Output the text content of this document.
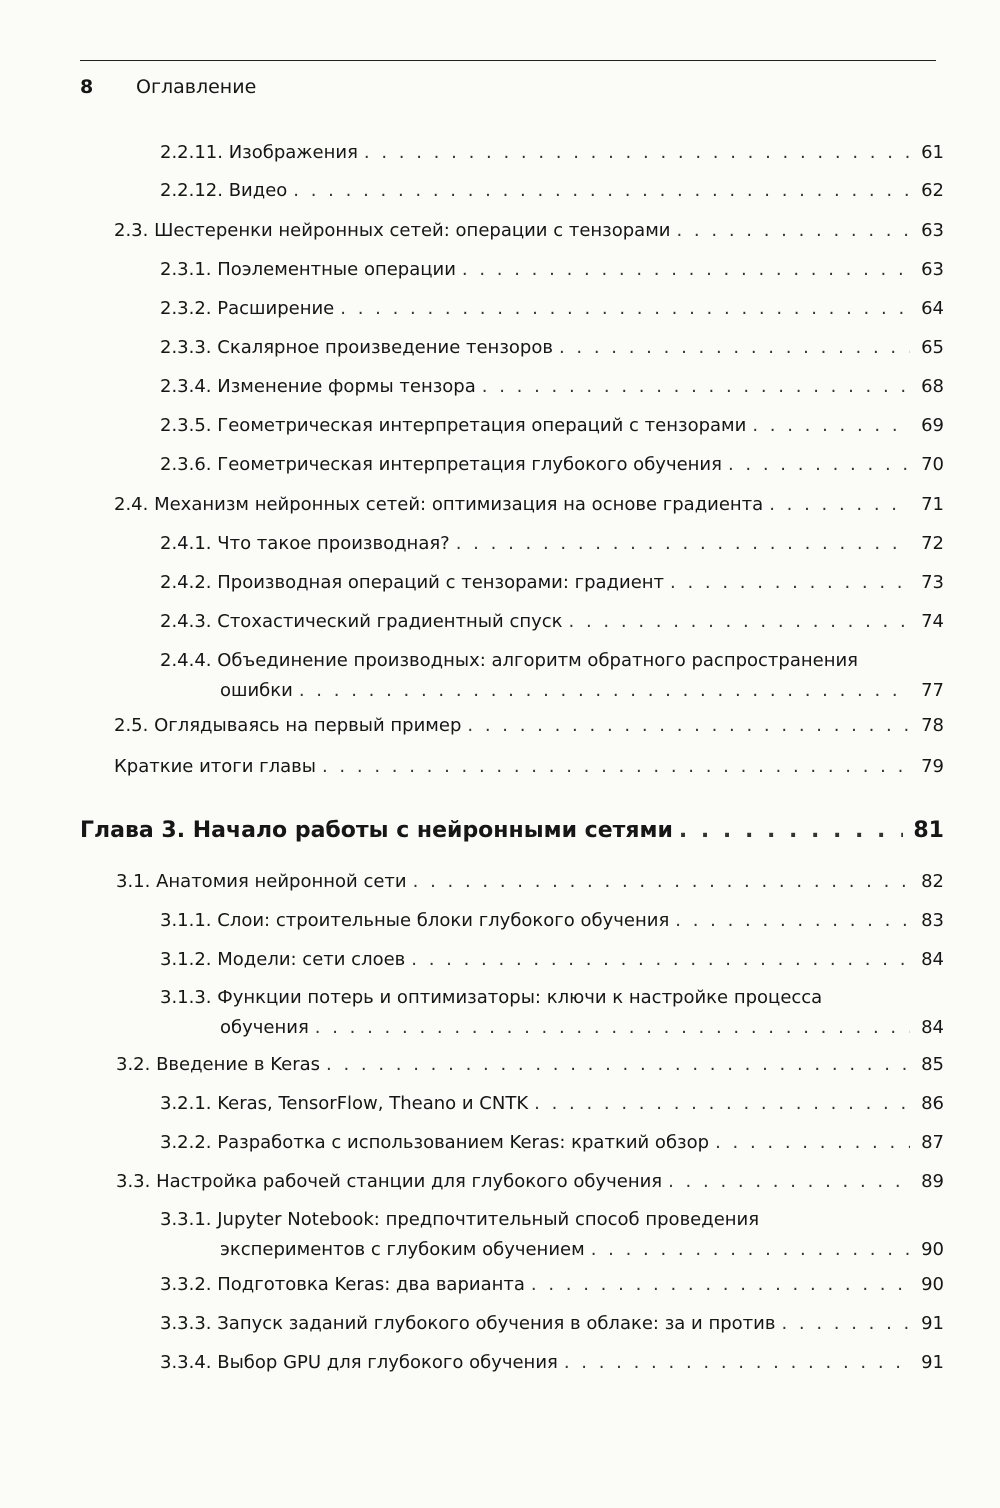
8 Оглавление
2.2.11. Изображения . . .	61
2.2.12. Видео . . .	62
2.3. Шестеренки нейронных сетей: операции с тензорами . . .	63
2.3.1. Поэлементные операции . . .	63
2.3.2. Расширение . . .	64
2.3.3. Скалярное произведение тензоров . . .	65
2.3.4. Изменение формы тензора . . .	68
2.3.5. Геометрическая интерпретация операций с тензорами . . .	69
2.3.6. Геометрическая интерпретация глубокого обучения . . .	70
2.4. Механизм нейронных сетей: оптимизация на основе градиента . . .	71
2.4.1. Что такое производная? . . .	72
2.4.2. Производная операций с тензорами: градиент . . .	73
2.4.3. Стохастический градиентный спуск . . .	74
2.4.4. Объединение производных: алгоритм обратного распространения
ошибки . . .	77
2.5. Оглядываясь на первый пример . . .	78
Краткие итоги главы . . .	79
Глава 3. Начало работы с нейронными сетями . . .	81
3.1. Анатомия нейронной сети . . .	82
3.1.1. Слои: строительные блоки глубокого обучения . . .	83
3.1.2. Модели: сети слоев . . .	84
3.1.3. Функции потерь и оптимизаторы: ключи к настройке процесса
обучения . . .	84
3.2. Введение в Keras . . .	85
3.2.1. Keras, TensorFlow, Theano и CNTK . . .	86
3.2.2. Разработка с использованием Keras: краткий обзор . . .	87
3.3. Настройка рабочей станции для глубокого обучения . . .	89
3.3.1. Jupyter Notebook: предпочтительный способ проведения
экспериментов с глубоким обучением . . .	90
3.3.2. Подготовка Keras: два варианта . . .	90
3.3.3. Запуск заданий глубокого обучения в облаке: за и против . . .	91
3.3.4. Выбор GPU для глубокого обучения . . .	91
